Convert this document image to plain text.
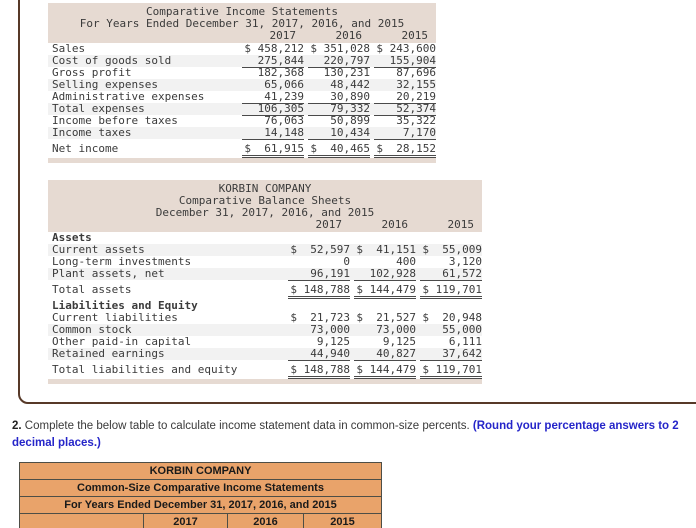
Comparative Income Statements
For Years Ended December 31, 2017, 2016, and 2015
2017	2016	2015
Sales	$ 458,212 $ 351,028 $ 243,600
Cost of goods sold	275,844	220,797	155,904
Gross profit	182,368	130,231	87,696
Selling expenses	65,066	48,442	32,155
Administrative expenses	41,239	30,890	20,219
Total expenses	106,305	79,332	52,374
Income before taxes	76,063	50,899	35,322
Income taxes	14,148	10,434	7,170
Net income	$  61,915 $  40,465 $  28,152
KORBIN COMPANY
Comparative Balance Sheets
December 31, 2017, 2016, and 2015
2017	2016	2015
Assets
Current assets	$  52,597 $  41,151 $  55,009
Long-term investments	0	400	3,120
Plant assets, net	96,191	102,928	61,572
Total assets	$ 148,788 $ 144,479 $ 119,701
Liabilities and Equity
Current liabilities	$  21,723 $  21,527 $  20,948
Common stock	73,000	73,000	55,000
Other paid-in capital	9,125	9,125	6,111
Retained earnings	44,940	40,827	37,642
Total liabilities and equity	$ 148,788 $ 144,479 $ 119,701
2. Complete the below table to calculate income statement data in common-size percents. (Round your percentage answers to 2 decimal places.)
KORBIN COMPANY
Common-Size Comparative Income Statements
For Years Ended December 31, 2017, 2016, and 2015
	2017	2016	2015
